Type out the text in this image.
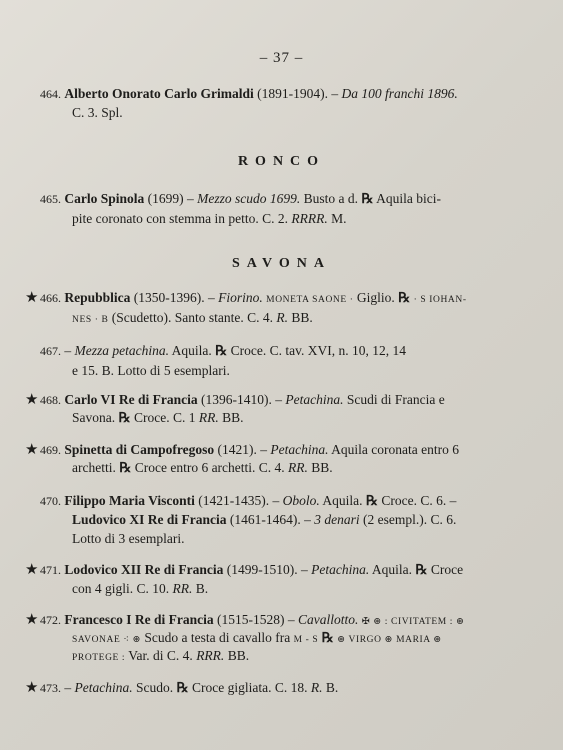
– 37 –
464. Alberto Onorato Carlo Grimaldi (1891-1904). – Da 100 franchi 1896.
C. 3. Spl.
RONCO
465. Carlo Spinola (1699) – Mezzo scudo 1699. Busto a d. ℞ Aquila bici-
pite coronato con stemma in petto. C. 2. RRRR. M.
SAVONA
★ 466. Repubblica (1350-1396). – Fiorino. MONETA SAONE · Giglio. ℞ · S IOHAN-
NES · B (Scudetto). Santo stante. C. 4. R. BB.
467. – Mezza petachina. Aquila. ℞ Croce. C. tav. XVI, n. 10, 12, 14
e 15. B. Lotto di 5 esemplari.
★ 468. Carlo VI Re di Francia (1396-1410). – Petachina. Scudi di Francia e
Savona. ℞ Croce. C. 1 RR. BB.
★ 469. Spinetta di Campofregoso (1421). – Petachina. Aquila coronata entro 6
archetti. ℞ Croce entro 6 archetti. C. 4. RR. BB.
470. Filippo Maria Visconti (1421-1435). – Obolo. Aquila. ℞ Croce. C. 6. –
Ludovico XI Re di Francia (1461-1464). – 3 denari (2 esempl.). C. 6.
Lotto di 3 esemplari.
★ 471. Lodovico XII Re di Francia (1499-1510). – Petachina. Aquila. ℞ Croce
con 4 gigli. C. 10. RR. B.
★ 472. Francesco I Re di Francia (1515-1528) – Cavallotto. ✠ ⊛ : CIVITATEM : ⊛
SAVONAE ⁖ ⊛ Scudo a testa di cavallo fra M - S ℞ ⊛ VIRGO ⊛ MARIA ⊛
PROTEGE : Var. di C. 4. RRR. BB.
★ 473. – Petachina. Scudo. ℞ Croce gigliata. C. 18. R. B.
